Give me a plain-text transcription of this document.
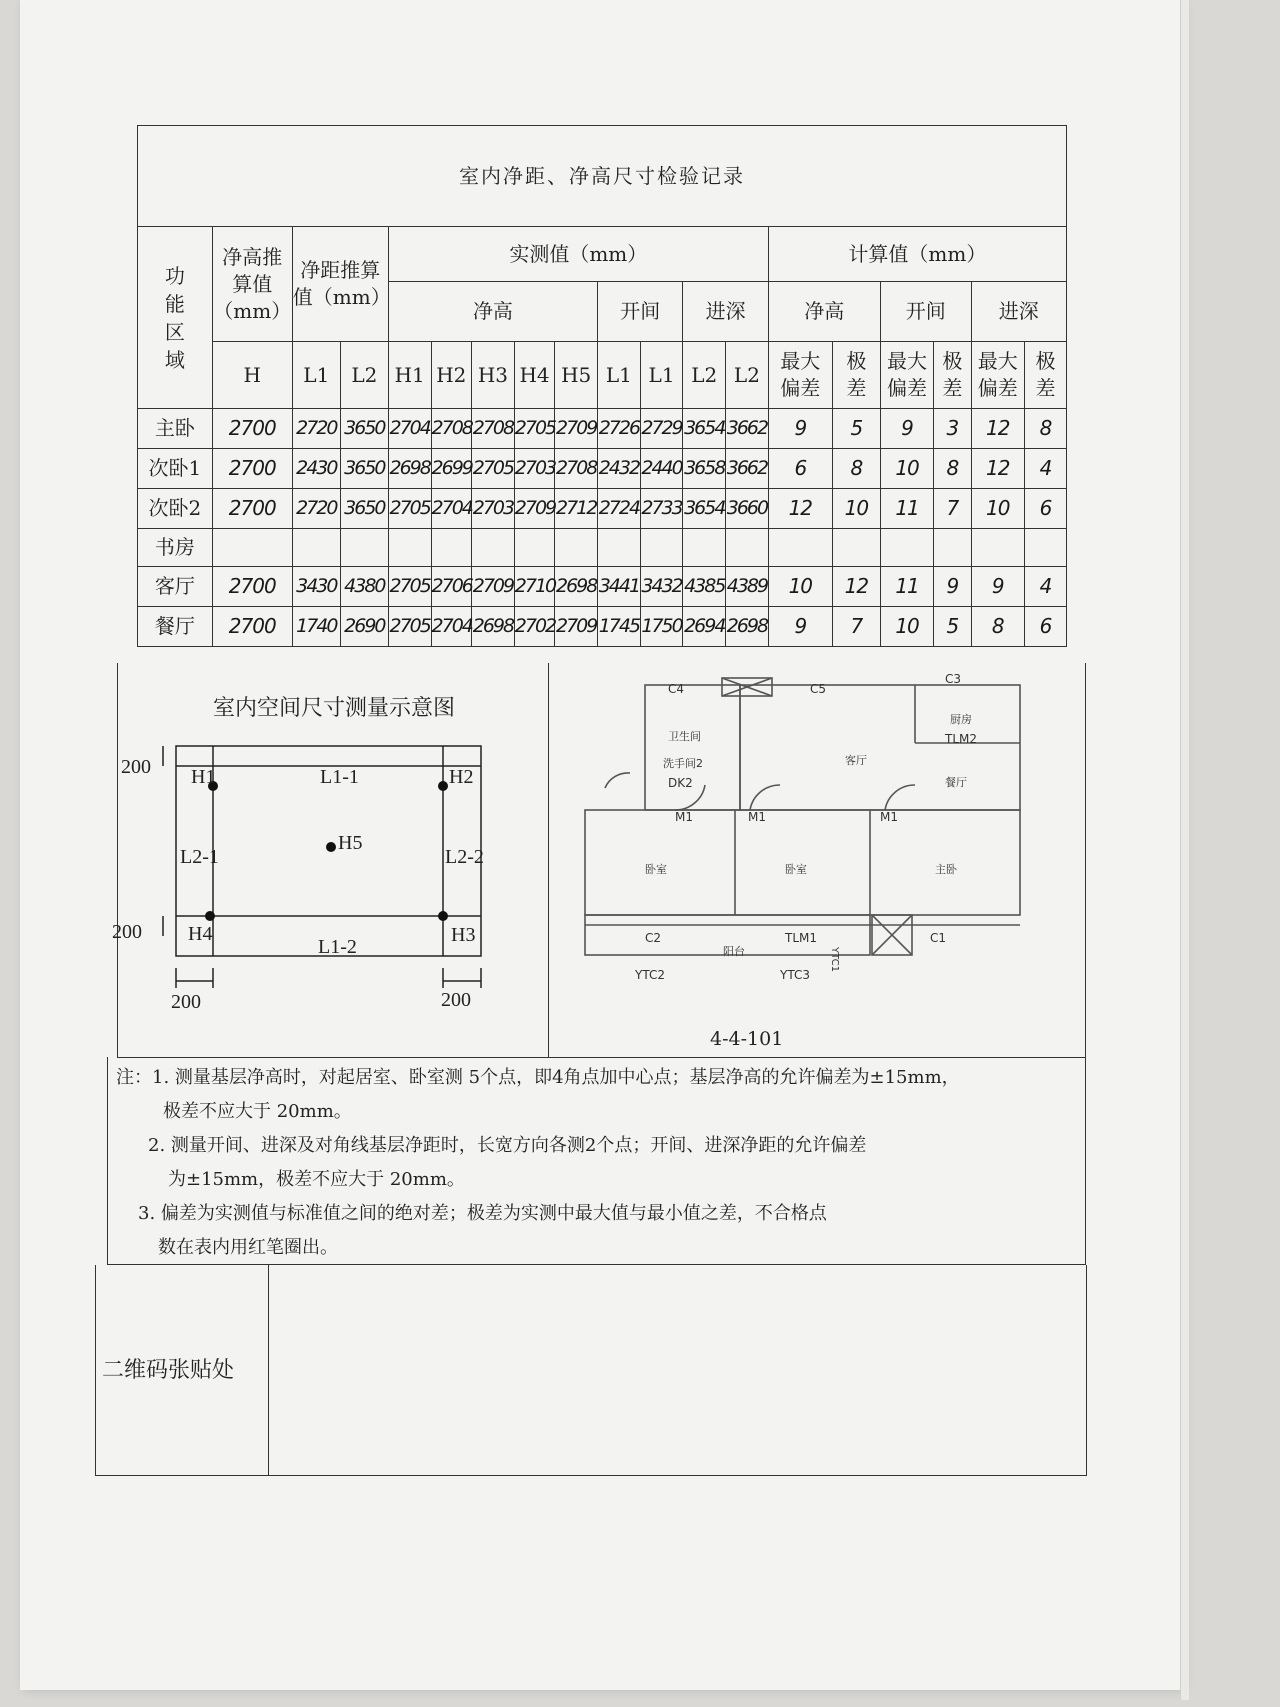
室内净距、净高尺寸检验记录																		
功能区域	净高推算值（mm）	净距推算值（mm）		实测值（mm）									计算值（mm）					
				净高					开间		进深		净高		开间		进深	
	H	L1	L2	H1	H2	H3	H4	H5	L1	L1	L2	L2	最大偏差	极差	最大偏差	极差	最大偏差	极差
主卧	2700	2720	3650	2704	2708	2708	2705	2709	2726	2729	3654	3662	9	5	9	3	12	8
次卧1	2700	2430	3650	2698	2699	2705	2703	2708	2432	2440	3658	3662	6	8	10	8	12	4
次卧2	2700	2720	3650	2705	2704	2703	2709	2712	2724	2733	3654	3660	12	10	11	7	10	6
书房																		
客厅	2700	3430	4380	2705	2706	2709	2710	2698	3441	3432	4385	4389	10	12	11	9	9	4
餐厅	2700	1740	2690	2705	2704	2698	2702	2709	1745	1750	2694	2698	9	7	10	5	8	6
室内空间尺寸测量示意图
200
200
200	200
H1	H2
H3
H4
H5
L1-1
L1-2
L2-1	L2-2
C4	C5
C3
卫生间
洗手间2
DK2
厨房
TLM2
客厅
餐厅
M1	M1	M1
卧室	卧室	主卧
C2	TLM1	C1
阳台	YTC1
YTC2	YTC3
4-4-101
注：1. 测量基层净高时，对起居室、卧室测 5个点，即4角点加中心点；基层净高的允许偏差为±15mm，
极差不应大于 20mm。
2. 测量开间、进深及对角线基层净距时，长宽方向各测2个点；开间、进深净距的允许偏差
为±15mm，极差不应大于 20mm。
3. 偏差为实测值与标准值之间的绝对差；极差为实测中最大值与最小值之差，不合格点
数在表内用红笔圈出。
二维码张贴处
